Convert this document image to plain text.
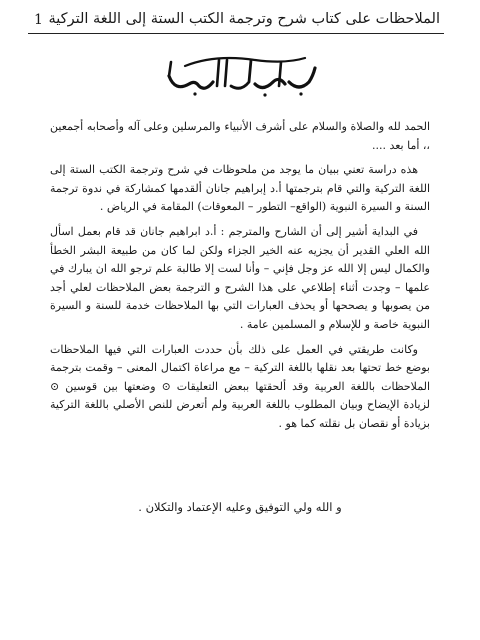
1 الملاحظات على كتاب شرح وترجمة الكتب الستة إلى اللغة التركية

الحمد لله والصلاة والسلام على أشرف الأنبياء والمرسلين وعلى آله وأصحابه أجمعين ،، أما بعد ....

هذه دراسة تعني ببيان ما يوجد من ملحوظات في شرح وترجمة الكتب الستة إلى اللغة التركية والتي قام بترجمتها أ.د إبراهيم جانان ألقدمها كمشاركة في ندوة ترجمة السنة و السيرة النبوية (الواقع– التطور – المعوقات) المقامة في الرياض .

في البداية أشير إلى أن الشارح والمترجم : أ.د ابراهيم جانان قد قام بعمل اسأل الله العلي القدير أن يجزيه عنه الخير الجزاء ولكن لما كان من طبيعة البشر الخطأ والكمال ليس إلا الله عز وجل فإني – وأنا لست إلا طالبة علم ترجو الله ان يبارك في علمها – وجدت أثناء إطلاعي على هذا الشرح و الترجمة بعض الملاحظات لعلي أجد من يصوبها و يصححها أو يحذف العبارات التي بها الملاحظات خدمة للسنة و السيرة النبوية خاصة و للإسلام و المسلمين عامة .

وكانت طريقتي في العمل على ذلك بأن حددت العبارات التي فيها الملاحظات بوضع خط تحتها بعد نقلها باللغة التركية – مع مراعاة اكتمال المعنى – وقمت بترجمة الملاحظات باللغة العربية وقد ألحقتها ببعض التعليقات ⊙ وضعتها بين قوسين ⊙ لزيادة الإيضاح وبيان المطلوب باللغة العربية ولم أتعرض للنص الأصلي باللغة التركية بزيادة أو نقصان بل نقلته كما هو .

و الله ولي التوفيق وعليه الإعتماد والتكلان .
